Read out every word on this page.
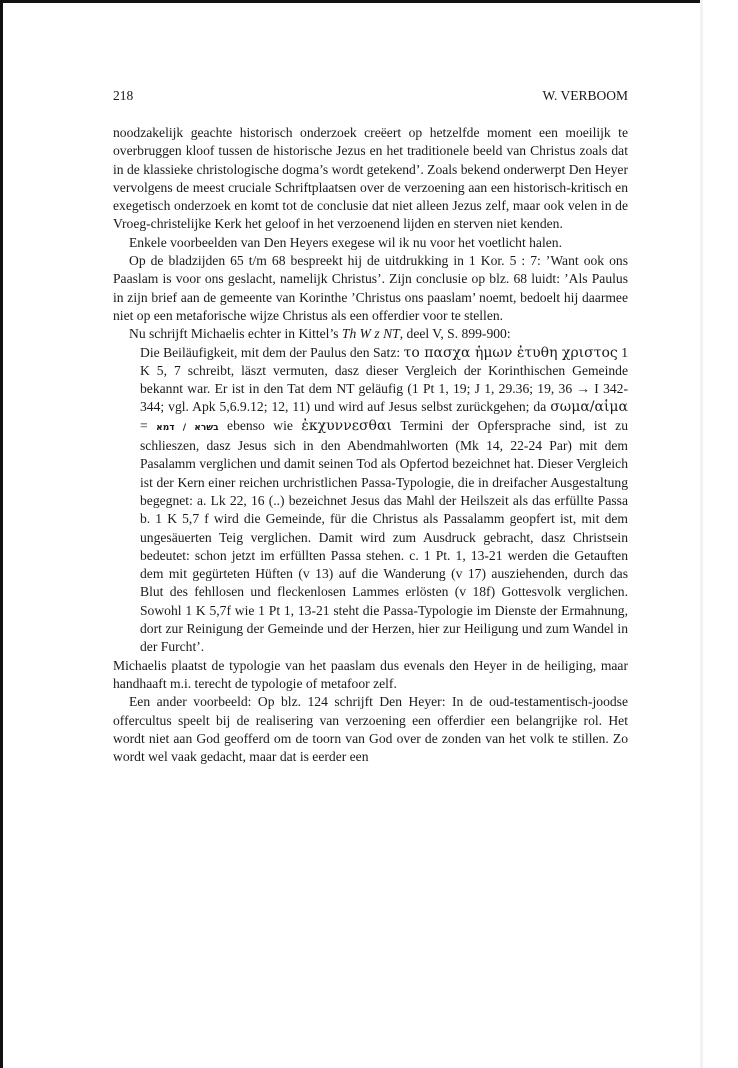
218	W. VERBOOM

noodzakelijk geachte historisch onderzoek creëert op hetzelfde moment een moeilijk te overbruggen kloof tussen de historische Jezus en het traditionele beeld van Christus zoals dat in de klassieke christologische dogma’s wordt getekend’. Zoals bekend onderwerpt Den Heyer vervolgens de meest cruciale Schriftplaatsen over de verzoening aan een historisch-kritisch en exegetisch onderzoek en komt tot de conclusie dat niet alleen Jezus zelf, maar ook velen in de Vroeg-christelijke Kerk het geloof in het verzoenend lijden en sterven niet kenden.

Enkele voorbeelden van Den Heyers exegese wil ik nu voor het voetlicht halen.

Op de bladzijden 65 t/m 68 bespreekt hij de uitdrukking in 1 Kor. 5 : 7: ’Want ook ons Paaslam is voor ons geslacht, namelijk Christus’. Zijn conclusie op blz. 68 luidt: ’Als Paulus in zijn brief aan de gemeente van Korinthe ’Christus ons paaslam’ noemt, bedoelt hij daarmee niet op een metaforische wijze Christus als een offerdier voor te stellen.

Nu schrijft Michaelis echter in Kittel’s Th W z NT, deel V, S. 899-900:

Die Beiläufigkeit, mit dem der Paulus den Satz: το πασχα ἡμων ἐτυθη χριστος 1 K 5, 7 schreibt, läszt vermuten, dasz dieser Vergleich der Korinthischen Gemeinde bekannt war. Er ist in den Tat dem NT geläufig (1 Pt 1, 19; J 1, 29.36; 19, 36 → I 342-344; vgl. Apk 5,6.9.12; 12, 11) und wird auf Jesus selbst zurückgehen; da σωμα/αἱμα = בשרא / דמא ebenso wie ἐκχυννεσθαι Termini der Opfersprache sind, ist zu schlieszen, dasz Jesus sich in den Abendmahlworten (Mk 14, 22-24 Par) mit dem Pasalamm verglichen und damit seinen Tod als Opfertod bezeichnet hat. Dieser Vergleich ist der Kern einer reichen urchristlichen Passa-Typologie, die in dreifacher Ausgestaltung begegnet: a. Lk 22, 16 (..) bezeichnet Jesus das Mahl der Heilszeit als das erfüllte Passa b. 1 K 5,7 f wird die Gemeinde, für die Christus als Passalamm geopfert ist, mit dem ungesäuerten Teig verglichen. Damit wird zum Ausdruck gebracht, dasz Christsein bedeutet: schon jetzt im erfüllten Passa stehen. c. 1 Pt. 1, 13-21 werden die Getauften dem mit gegürteten Hüften (v 13) auf die Wanderung (v 17) ausziehenden, durch das Blut des fehllosen und fleckenlosen Lammes erlösten (v 18f) Gottesvolk verglichen. Sowohl 1 K 5,7f wie 1 Pt 1, 13-21 steht die Passa-Typologie im Dienste der Ermahnung, dort zur Reinigung der Gemeinde und der Herzen, hier zur Heiligung und zum Wandel in der Furcht’.

Michaelis plaatst de typologie van het paaslam dus evenals den Heyer in de heiliging, maar handhaaft m.i. terecht de typologie of metafoor zelf.

Een ander voorbeeld: Op blz. 124 schrijft Den Heyer: In de oud-testamentisch-joodse offercultus speelt bij de realisering van verzoening een offerdier een belangrijke rol. Het wordt niet aan God geofferd om de toorn van God over de zonden van het volk te stillen. Zo wordt wel vaak gedacht, maar dat is eerder een
